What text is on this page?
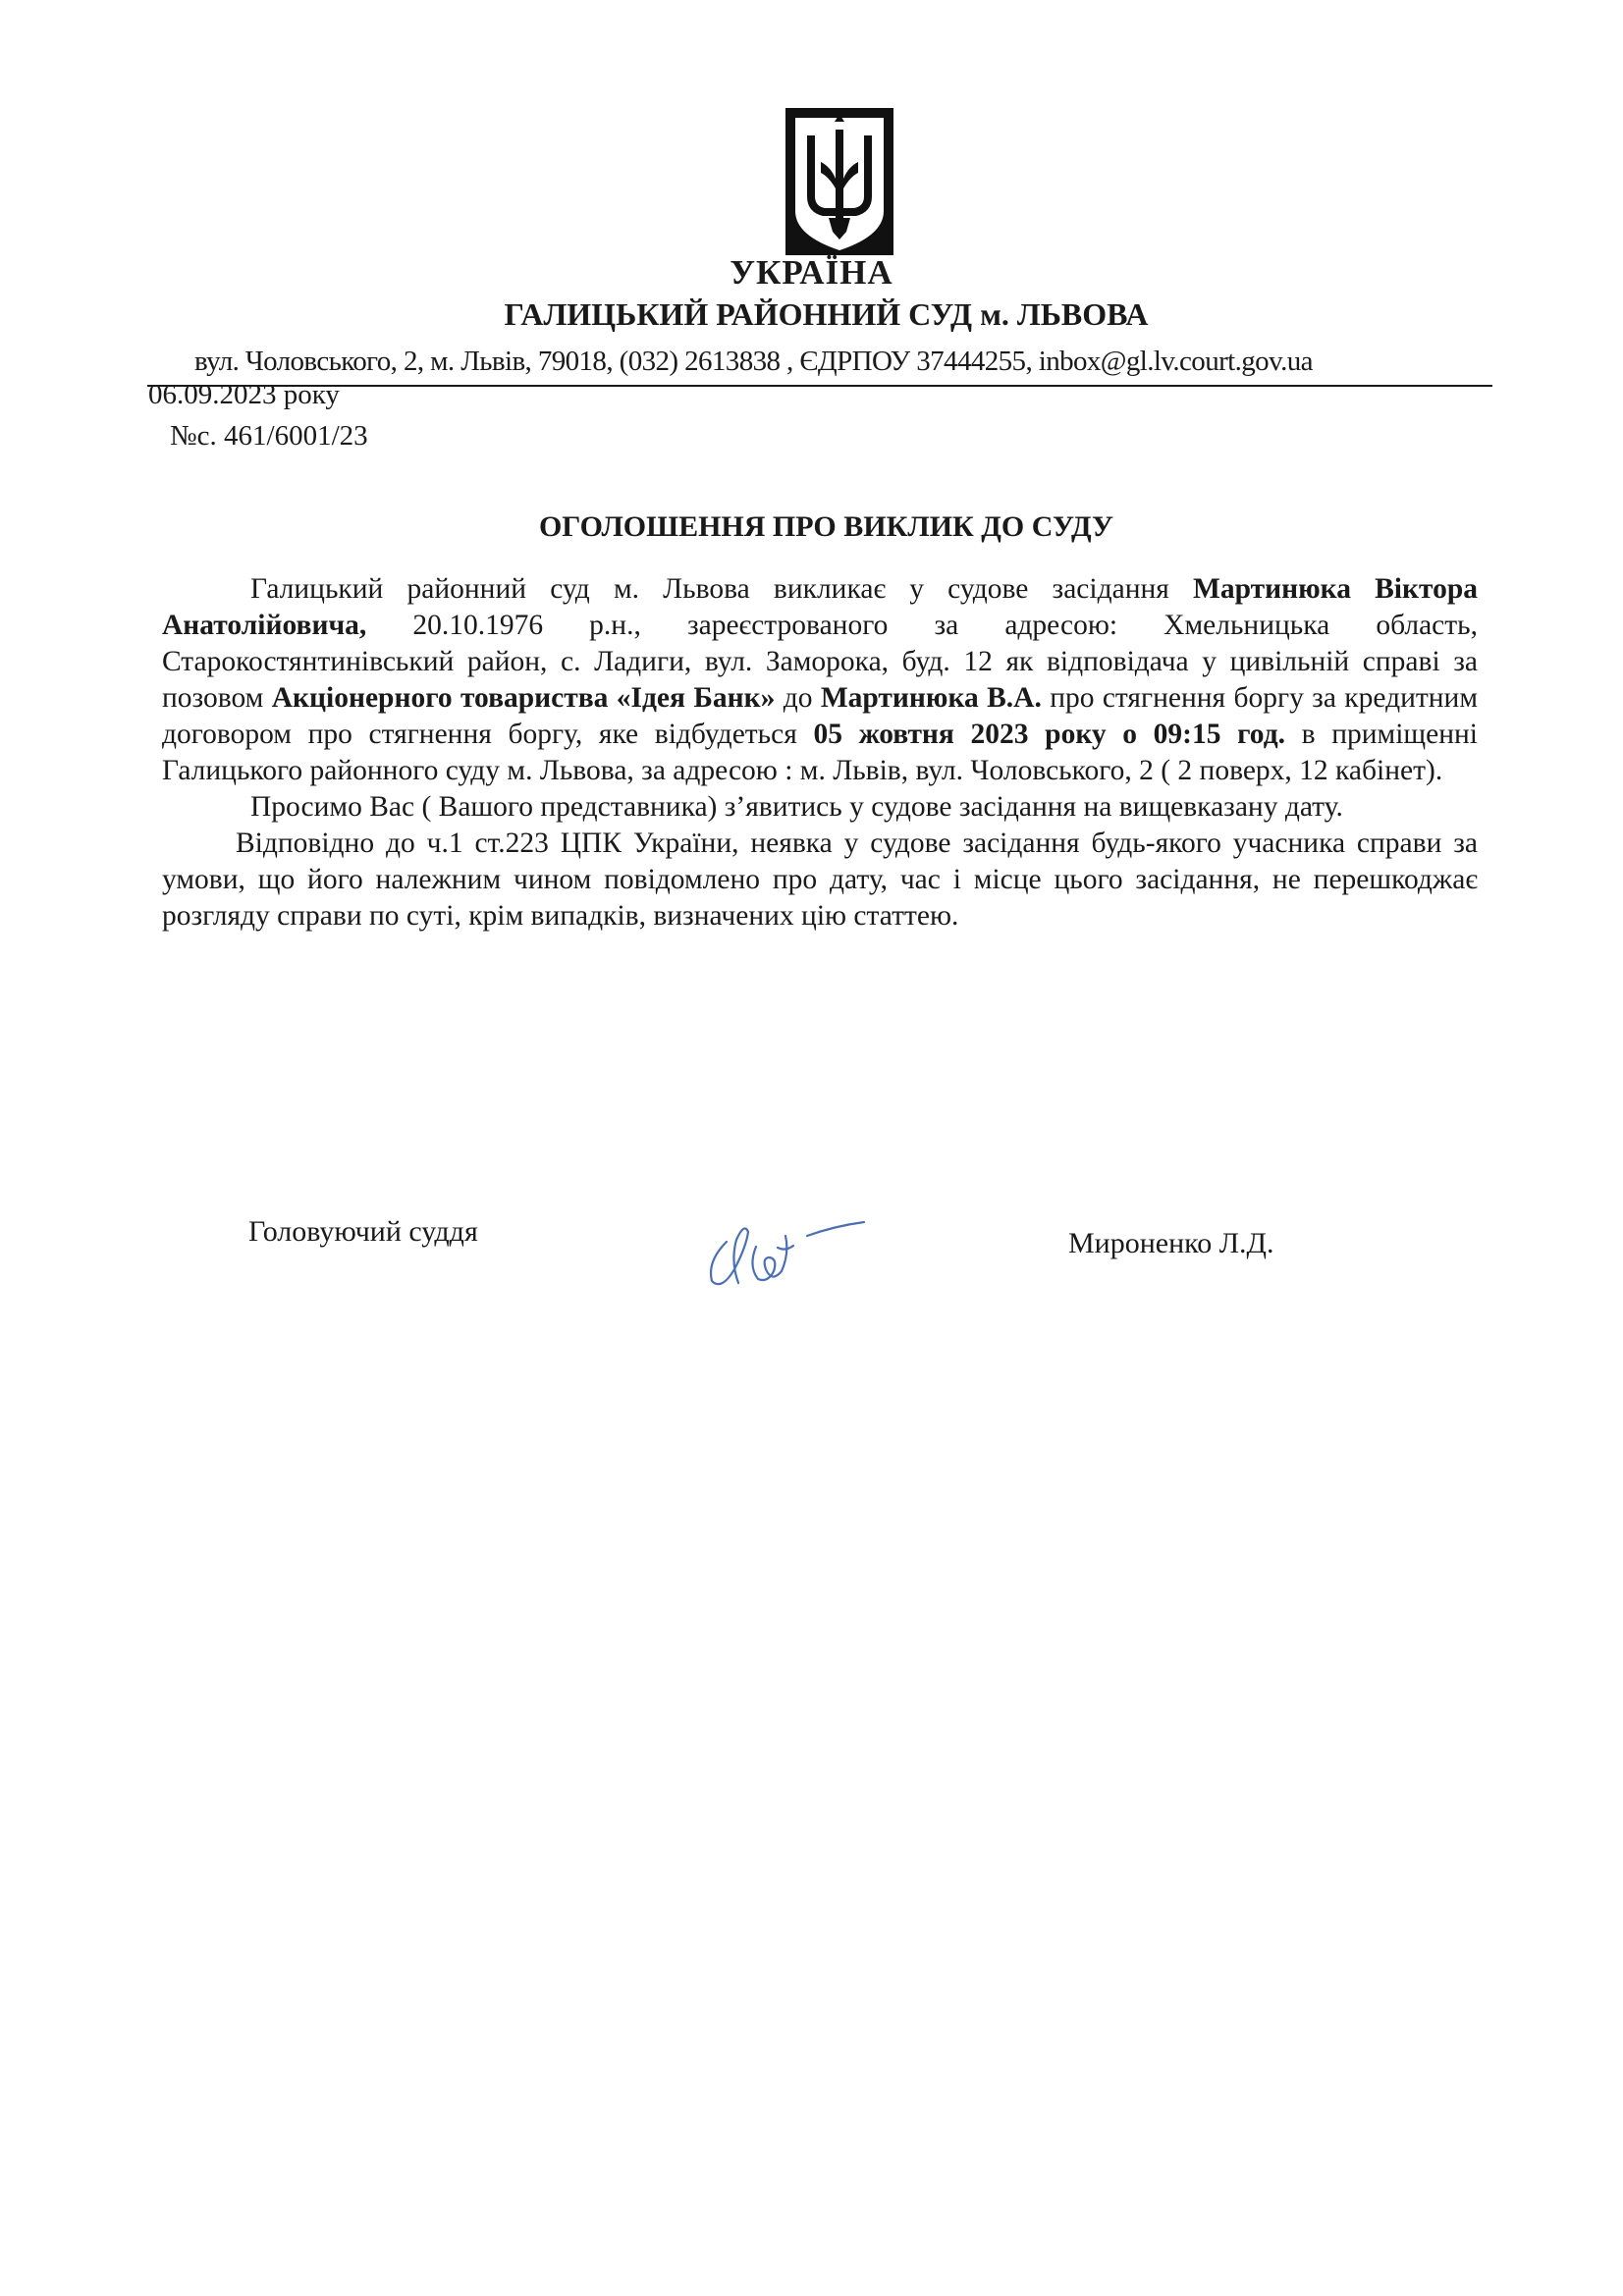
УКРАЇНА
ГАЛИЦЬКИЙ РАЙОННИЙ СУД м. ЛЬВОВА
вул. Чоловського, 2, м. Львів, 79018, (032) 2613838 , ЄДРПОУ 37444255, inbox@gl.lv.court.gov.ua
06.09.2023 року
№с. 461/6001/23
ОГОЛОШЕННЯ ПРО ВИКЛИК ДО СУДУ

Галицький районний суд м. Львова викликає у судове засідання Мартинюка Віктора Анатолійовича, 20.10.1976 р.н., зареєстрованого за адресою: Хмельницька область, Старокостянтинівський район, с. Ладиги, вул. Заморока, буд. 12 як відповідача у цивільній справі за позовом Акціонерного товариства «Ідея Банк» до Мартинюка В.А. про стягнення боргу за кредитним договором про стягнення боргу, яке відбудеться 05 жовтня 2023 року о 09:15 год. в приміщенні Галицького районного суду м. Львова, за адресою : м. Львів, вул. Чоловського, 2 ( 2 поверх, 12 кабінет).

Просимо Вас ( Вашого представника) з’явитись у судове засідання на вищевказану дату.

Відповідно до ч.1 ст.223 ЦПК України, неявка у судове засідання будь-якого учасника справи за умови, що його належним чином повідомлено про дату, час і місце цього засідання, не перешкоджає розгляду справи по суті, крім випадків, визначених цію статтею.

Головуючий суддя	Мироненко Л.Д.
